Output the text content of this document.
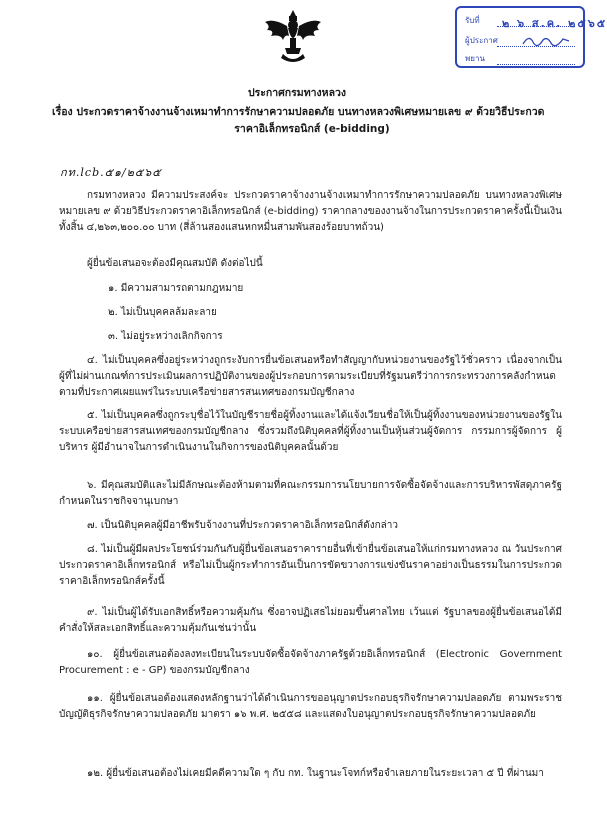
รับที่ ๒ ๖ ส.ค. ๒๕๖๕
ผู้ประกาศ
พยาน
ประกาศกรมทางหลวง
เรื่อง ประกวดราคาจ้างงานจ้างเหมาทำการรักษาความปลอดภัย บนทางหลวงพิเศษหมายเลข ๙ ด้วยวิธีประกวด
ราคาอิเล็กทรอนิกส์ (e-bidding)
กท.lcb.๕๑/๒๕๖๕
กรมทางหลวง มีความประสงค์จะ ประกวดราคาจ้างงานจ้างเหมาทำการรักษาความปลอดภัย บนทางหลวงพิเศษหมายเลข ๙ ด้วยวิธีประกวดราคาอิเล็กทรอนิกส์ (e-bidding) ราคากลางของงานจ้างในการประกวดราคาครั้งนี้เป็นเงินทั้งสิ้น ๔,๒๖๓,๒๐๐.๐๐ บาท (สี่ล้านสองแสนหกหมื่นสามพันสองร้อยบาทถ้วน)
ผู้ยื่นข้อเสนอจะต้องมีคุณสมบัติ ดังต่อไปนี้
๑. มีความสามารถตามกฎหมาย
๒. ไม่เป็นบุคคลล้มละลาย
๓. ไม่อยู่ระหว่างเลิกกิจการ
๔. ไม่เป็นบุคคลซึ่งอยู่ระหว่างถูกระงับการยื่นข้อเสนอหรือทำสัญญากับหน่วยงานของรัฐไว้ชั่วคราว เนื่องจากเป็นผู้ที่ไม่ผ่านเกณฑ์การประเมินผลการปฏิบัติงานของผู้ประกอบการตามระเบียบที่รัฐมนตรีว่าการกระทรวงการคลังกำหนดตามที่ประกาศเผยแพร่ในระบบเครือข่ายสารสนเทศของกรมบัญชีกลาง
๕. ไม่เป็นบุคคลซึ่งถูกระบุชื่อไว้ในบัญชีรายชื่อผู้ทิ้งงานและได้แจ้งเวียนชื่อให้เป็นผู้ทิ้งงานของหน่วยงานของรัฐในระบบเครือข่ายสารสนเทศของกรมบัญชีกลาง ซึ่งรวมถึงนิติบุคคลที่ผู้ทิ้งงานเป็นหุ้นส่วนผู้จัดการ กรรมการผู้จัดการ ผู้บริหาร ผู้มีอำนาจในการดำเนินงานในกิจการของนิติบุคคลนั้นด้วย
๖. มีคุณสมบัติและไม่มีลักษณะต้องห้ามตามที่คณะกรรมการนโยบายการจัดซื้อจัดจ้างและการบริหารพัสดุภาครัฐกำหนดในราชกิจจานุเบกษา
๗. เป็นนิติบุคคลผู้มีอาชีพรับจ้างงานที่ประกวดราคาอิเล็กทรอนิกส์ดังกล่าว
๘. ไม่เป็นผู้มีผลประโยชน์ร่วมกันกับผู้ยื่นข้อเสนอราคารายอื่นที่เข้ายื่นข้อเสนอให้แก่กรมทางหลวง ณ วันประกาศประกวดราคาอิเล็กทรอนิกส์ หรือไม่เป็นผู้กระทำการอันเป็นการขัดขวางการแข่งขันราคาอย่างเป็นธรรมในการประกวดราคาอิเล็กทรอนิกส์ครั้งนี้
๙. ไม่เป็นผู้ได้รับเอกสิทธิ์หรือความคุ้มกัน ซึ่งอาจปฏิเสธไม่ยอมขึ้นศาลไทย เว้นแต่ รัฐบาลของผู้ยื่นข้อเสนอได้มีคำสั่งให้สละเอกสิทธิ์และความคุ้มกันเช่นว่านั้น
๑๐. ผู้ยื่นข้อเสนอต้องลงทะเบียนในระบบจัดซื้อจัดจ้างภาครัฐด้วยอิเล็กทรอนิกส์ (Electronic Government Procurement : e - GP) ของกรมบัญชีกลาง
๑๑. ผู้ยื่นข้อเสนอต้องแสดงหลักฐานว่าได้ดำเนินการขออนุญาตประกอบธุรกิจรักษาความปลอดภัย ตามพระราชบัญญัติธุรกิจรักษาความปลอดภัย มาตรา ๑๖ พ.ศ. ๒๕๕๘ และแสดงใบอนุญาตประกอบธุรกิจรักษาความปลอดภัย
๑๒. ผู้ยื่นข้อเสนอต้องไม่เคยมีคดีความใด ๆ กับ กท. ในฐานะโจทก์หรือจำเลยภายในระยะเวลา ๕ ปี ที่ผ่านมา
